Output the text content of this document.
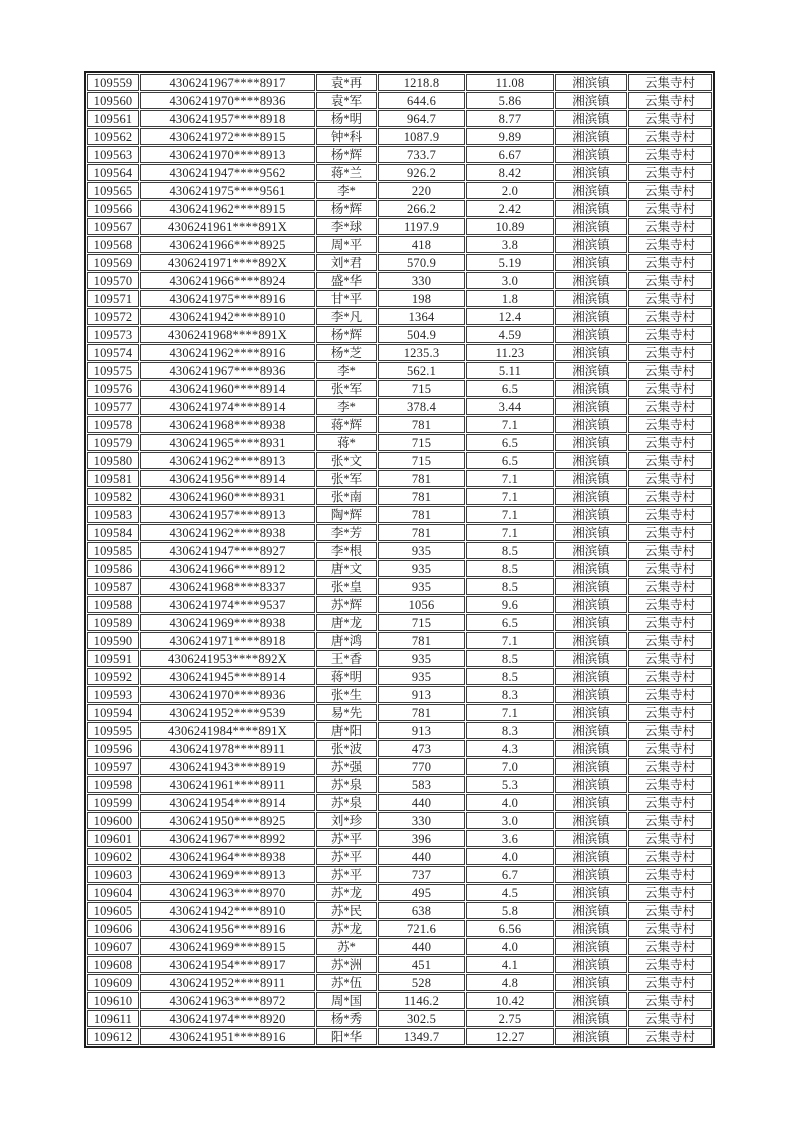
109559	4306241967****8917	袁*再	1218.8	11.08	湘滨镇	云集寺村
109560	4306241970****8936	袁*军	644.6	5.86	湘滨镇	云集寺村
109561	4306241957****8918	杨*明	964.7	8.77	湘滨镇	云集寺村
109562	4306241972****8915	钟*科	1087.9	9.89	湘滨镇	云集寺村
109563	4306241970****8913	杨*辉	733.7	6.67	湘滨镇	云集寺村
109564	4306241947****9562	蒋*兰	926.2	8.42	湘滨镇	云集寺村
109565	4306241975****9561	李*	220	2.0	湘滨镇	云集寺村
109566	4306241962****8915	杨*辉	266.2	2.42	湘滨镇	云集寺村
109567	4306241961****891X	李*球	1197.9	10.89	湘滨镇	云集寺村
109568	4306241966****8925	周*平	418	3.8	湘滨镇	云集寺村
109569	4306241971****892X	刘*君	570.9	5.19	湘滨镇	云集寺村
109570	4306241966****8924	盛*华	330	3.0	湘滨镇	云集寺村
109571	4306241975****8916	甘*平	198	1.8	湘滨镇	云集寺村
109572	4306241942****8910	李*凡	1364	12.4	湘滨镇	云集寺村
109573	4306241968****891X	杨*辉	504.9	4.59	湘滨镇	云集寺村
109574	4306241962****8916	杨*芝	1235.3	11.23	湘滨镇	云集寺村
109575	4306241967****8936	李*	562.1	5.11	湘滨镇	云集寺村
109576	4306241960****8914	张*军	715	6.5	湘滨镇	云集寺村
109577	4306241974****8914	李*	378.4	3.44	湘滨镇	云集寺村
109578	4306241968****8938	蒋*辉	781	7.1	湘滨镇	云集寺村
109579	4306241965****8931	蒋*	715	6.5	湘滨镇	云集寺村
109580	4306241962****8913	张*文	715	6.5	湘滨镇	云集寺村
109581	4306241956****8914	张*军	781	7.1	湘滨镇	云集寺村
109582	4306241960****8931	张*南	781	7.1	湘滨镇	云集寺村
109583	4306241957****8913	陶*辉	781	7.1	湘滨镇	云集寺村
109584	4306241962****8938	李*芳	781	7.1	湘滨镇	云集寺村
109585	4306241947****8927	李*根	935	8.5	湘滨镇	云集寺村
109586	4306241966****8912	唐*文	935	8.5	湘滨镇	云集寺村
109587	4306241968****8337	张*皇	935	8.5	湘滨镇	云集寺村
109588	4306241974****9537	苏*辉	1056	9.6	湘滨镇	云集寺村
109589	4306241969****8938	唐*龙	715	6.5	湘滨镇	云集寺村
109590	4306241971****8918	唐*鸿	781	7.1	湘滨镇	云集寺村
109591	4306241953****892X	王*香	935	8.5	湘滨镇	云集寺村
109592	4306241945****8914	蒋*明	935	8.5	湘滨镇	云集寺村
109593	4306241970****8936	张*生	913	8.3	湘滨镇	云集寺村
109594	4306241952****9539	易*先	781	7.1	湘滨镇	云集寺村
109595	4306241984****891X	唐*阳	913	8.3	湘滨镇	云集寺村
109596	4306241978****8911	张*波	473	4.3	湘滨镇	云集寺村
109597	4306241943****8919	苏*强	770	7.0	湘滨镇	云集寺村
109598	4306241961****8911	苏*泉	583	5.3	湘滨镇	云集寺村
109599	4306241954****8914	苏*泉	440	4.0	湘滨镇	云集寺村
109600	4306241950****8925	刘*珍	330	3.0	湘滨镇	云集寺村
109601	4306241967****8992	苏*平	396	3.6	湘滨镇	云集寺村
109602	4306241964****8938	苏*平	440	4.0	湘滨镇	云集寺村
109603	4306241969****8913	苏*平	737	6.7	湘滨镇	云集寺村
109604	4306241963****8970	苏*龙	495	4.5	湘滨镇	云集寺村
109605	4306241942****8910	苏*民	638	5.8	湘滨镇	云集寺村
109606	4306241956****8916	苏*龙	721.6	6.56	湘滨镇	云集寺村
109607	4306241969****8915	苏*	440	4.0	湘滨镇	云集寺村
109608	4306241954****8917	苏*洲	451	4.1	湘滨镇	云集寺村
109609	4306241952****8911	苏*伍	528	4.8	湘滨镇	云集寺村
109610	4306241963****8972	周*国	1146.2	10.42	湘滨镇	云集寺村
109611	4306241974****8920	杨*秀	302.5	2.75	湘滨镇	云集寺村
109612	4306241951****8916	阳*华	1349.7	12.27	湘滨镇	云集寺村
